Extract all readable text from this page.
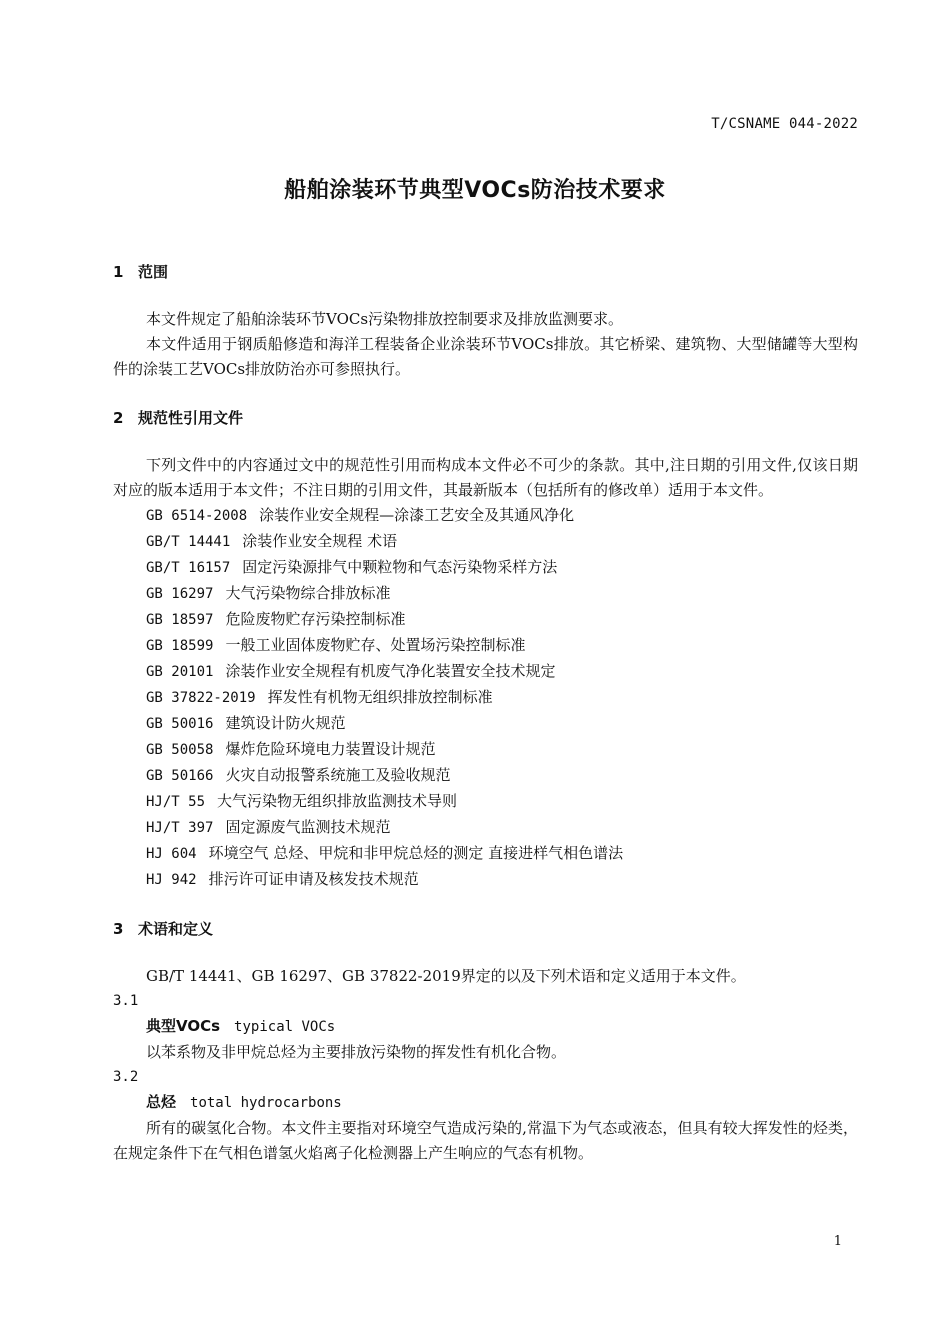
T/CSNAME 044-2022
船舶涂装环节典型VOCs防治技术要求
1 范围

本文件规定了船舶涂装环节VOCs污染物排放控制要求及排放监测要求。

本文件适用于钢质船修造和海洋工程装备企业涂装环节VOCs排放。其它桥梁、建筑物、大型储罐等大型构件的涂装工艺VOCs排放防治亦可参照执行。

2 规范性引用文件

下列文件中的内容通过文中的规范性引用而构成本文件必不可少的条款。其中,注日期的引用文件,仅该日期对应的版本适用于本文件；不注日期的引用文件，其最新版本（包括所有的修改单）适用于本文件。

GB 6514-2008 涂装作业安全规程—涂漆工艺安全及其通风净化

GB/T 14441 涂装作业安全规程 术语

GB/T 16157 固定污染源排气中颗粒物和气态污染物采样方法

GB 16297 大气污染物综合排放标准

GB 18597 危险废物贮存污染控制标准

GB 18599 一般工业固体废物贮存、处置场污染控制标准

GB 20101 涂装作业安全规程有机废气净化装置安全技术规定

GB 37822-2019 挥发性有机物无组织排放控制标准

GB 50016 建筑设计防火规范

GB 50058 爆炸危险环境电力装置设计规范

GB 50166 火灾自动报警系统施工及验收规范

HJ/T 55 大气污染物无组织排放监测技术导则

HJ/T 397 固定源废气监测技术规范

HJ 604 环境空气 总烃、甲烷和非甲烷总烃的测定 直接进样气相色谱法

HJ 942 排污许可证申请及核发技术规范

3 术语和定义

GB/T 14441、GB 16297、GB 37822-2019界定的以及下列术语和定义适用于本文件。

3.1

典型VOCs typical VOCs

以苯系物及非甲烷总烃为主要排放污染物的挥发性有机化合物。

3.2

总烃 total hydrocarbons

所有的碳氢化合物。本文件主要指对环境空气造成污染的,常温下为气态或液态，但具有较大挥发性的烃类，在规定条件下在气相色谱氢火焰离子化检测器上产生响应的气态有机物。

1
